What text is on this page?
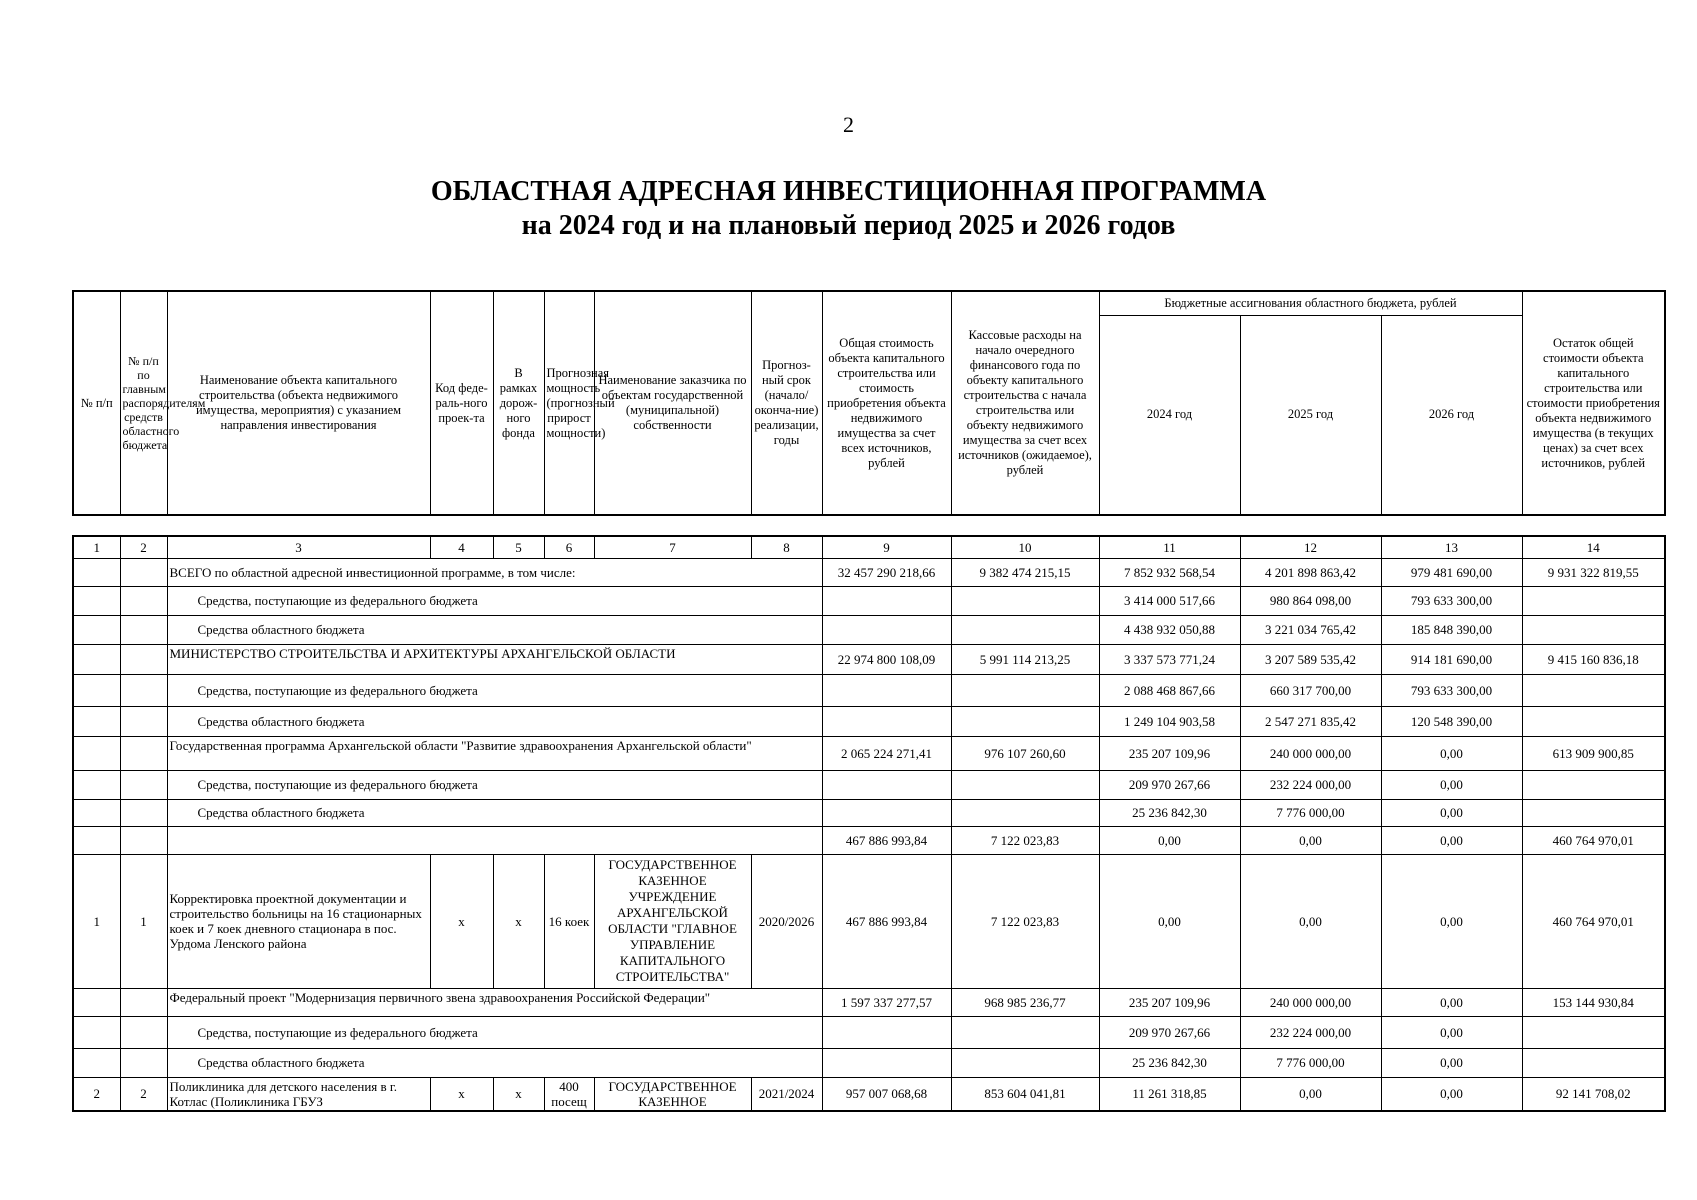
2
ОБЛАСТНАЯ АДРЕСНАЯ ИНВЕСТИЦИОННАЯ ПРОГРАММА
на 2024 год и на плановый период 2025 и 2026 годов
№ п/п	№ п/п по главным распорядителям средств областного бюджета	Наименование объекта капитального строительства (объекта недвижимого имущества, мероприятия) с указанием направления инвестирования	Код феде-раль-ного проек-та	В рамках дорож-ного фонда	Прогнозная мощность (прогнозный прирост мощности)	Наименование заказчика по объектам государственной (муниципальной) собственности	Прогноз-ный срок (начало/ оконча-ние) реализации, годы	Общая стоимость объекта капитального строительства или стоимость приобретения объекта недвижимого имущества за счет всех источников, рублей	Кассовые расходы на начало очередного финансового года по объекту капитального строительства с начала строительства или объекту недвижимого имущества за счет всех источников (ожидаемое), рублей	Бюджетные ассигнования областного бюджета, рублей			Остаток общей стоимости объекта капитального строительства или стоимости приобретения объекта недвижимого имущества (в текущих ценах) за счет всех источников, рублей
										2024 год	2025 год	2026 год	
1	2	3	4	5	6	7	8	9	10	11	12	13	14
		ВСЕГО по областной адресной инвестиционной программе, в том числе:						32 457 290 218,66	9 382 474 215,15	7 852 932 568,54	4 201 898 863,42	979 481 690,00	9 931 322 819,55
		Средства, поступающие из федерального бюджета								3 414 000 517,66	980 864 098,00	793 633 300,00	
		Средства областного бюджета								4 438 932 050,88	3 221 034 765,42	185 848 390,00	
		МИНИСТЕРСТВО СТРОИТЕЛЬСТВА И АРХИТЕКТУРЫ АРХАНГЕЛЬСКОЙ ОБЛАСТИ						22 974 800 108,09	5 991 114 213,25	3 337 573 771,24	3 207 589 535,42	914 181 690,00	9 415 160 836,18
		Средства, поступающие из федерального бюджета								2 088 468 867,66	660 317 700,00	793 633 300,00	
		Средства областного бюджета								1 249 104 903,58	2 547 271 835,42	120 548 390,00	
		Государственная программа Архангельской области "Развитие здравоохранения Архангельской области"						2 065 224 271,41	976 107 260,60	235 207 109,96	240 000 000,00	0,00	613 909 900,85
		Средства, поступающие из федерального бюджета								209 970 267,66	232 224 000,00	0,00	
		Средства областного бюджета								25 236 842,30	7 776 000,00	0,00	
								467 886 993,84	7 122 023,83	0,00	0,00	0,00	460 764 970,01
1	1	Корректировка проектной документации и строительство больницы на 16 стационарных коек и 7 коек дневного стационара в пос. Урдома Ленского района	х	х	16 коек	ГОСУДАРСТВЕННОЕ КАЗЕННОЕ УЧРЕЖДЕНИЕ АРХАНГЕЛЬСКОЙ ОБЛАСТИ "ГЛАВНОЕ УПРАВЛЕНИЕ КАПИТАЛЬНОГО СТРОИТЕЛЬСТВА"	2020/2026	467 886 993,84	7 122 023,83	0,00	0,00	0,00	460 764 970,01
		Федеральный проект "Модернизация первичного звена здравоохранения Российской Федерации"						1 597 337 277,57	968 985 236,77	235 207 109,96	240 000 000,00	0,00	153 144 930,84
		Средства, поступающие из федерального бюджета								209 970 267,66	232 224 000,00	0,00	
		Средства областного бюджета								25 236 842,30	7 776 000,00	0,00	
2	2	Поликлиника для детского населения в г. Котлас (Поликлиника ГБУЗ	х	х	400 посещ	ГОСУДАРСТВЕННОЕ КАЗЕННОЕ	2021/2024	957 007 068,68	853 604 041,81	11 261 318,85	0,00	0,00	92 141 708,02
